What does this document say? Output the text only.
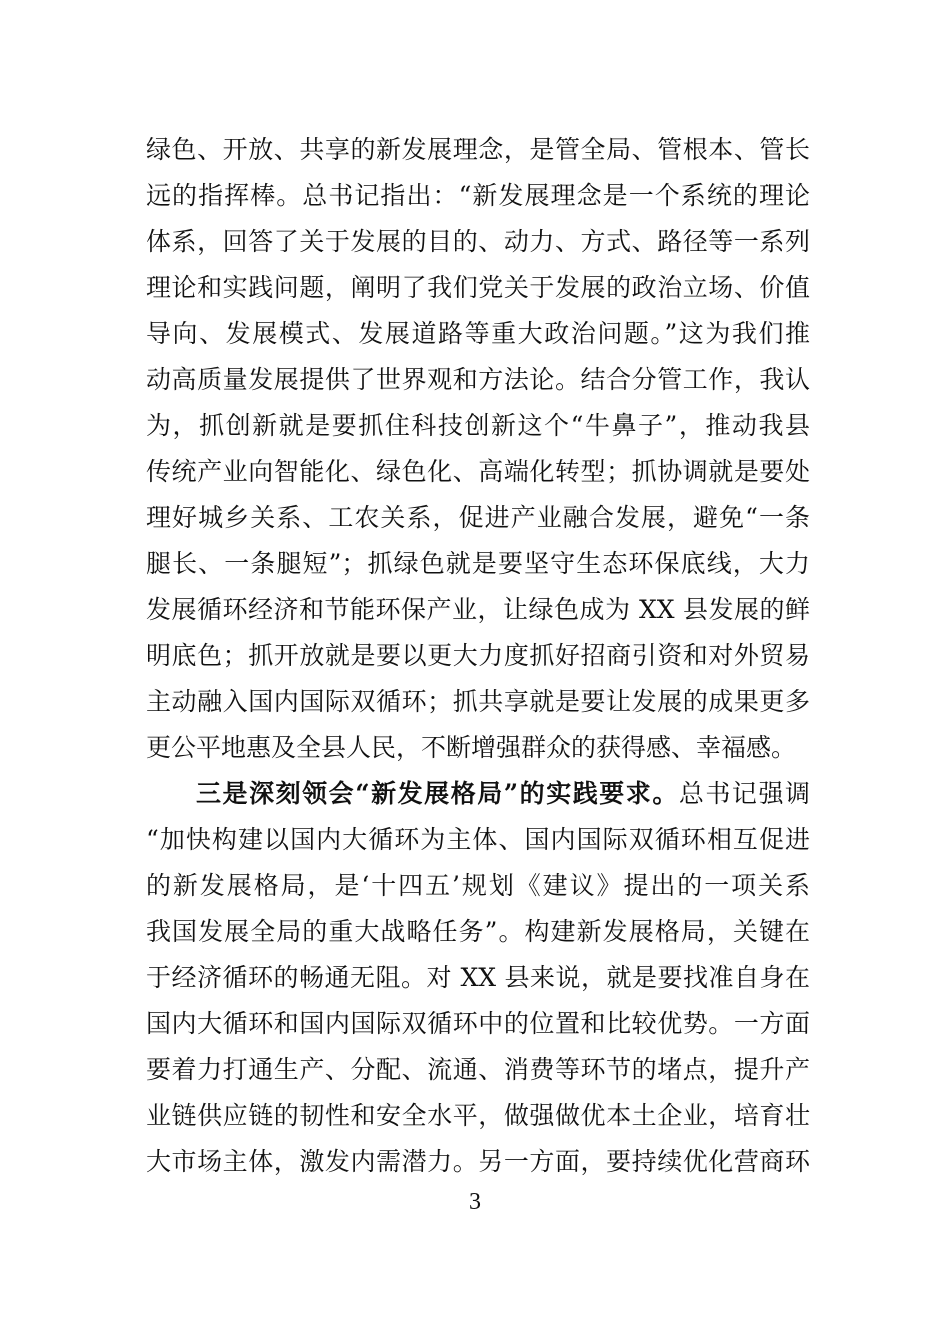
绿色、开放、共享的新发展理念，是管全局、管根本、管长
远的指挥棒。总书记指出：“新发展理念是一个系统的理论
体系，回答了关于发展的目的、动力、方式、路径等一系列
理论和实践问题，阐明了我们党关于发展的政治立场、价值
导向、发展模式、发展道路等重大政治问题。”这为我们推
动高质量发展提供了世界观和方法论。结合分管工作，我认
为，抓创新就是要抓住科技创新这个“牛鼻子”，推动我县
传统产业向智能化、绿色化、高端化转型；抓协调就是要处
理好城乡关系、工农关系，促进产业融合发展，避免“一条
腿长、一条腿短”；抓绿色就是要坚守生态环保底线，大力
发展循环经济和节能环保产业，让绿色成为 XX 县发展的鲜
明底色；抓开放就是要以更大力度抓好招商引资和对外贸易
主动融入国内国际双循环；抓共享就是要让发展的成果更多
更公平地惠及全县人民，不断增强群众的获得感、幸福感。
三是深刻领会“新发展格局”的实践要求。总书记强调
“加快构建以国内大循环为主体、国内国际双循环相互促进
的新发展格局，是‘十四五’规划《建议》提出的一项关系
我国发展全局的重大战略任务”。构建新发展格局，关键在
于经济循环的畅通无阻。对 XX 县来说，就是要找准自身在
国内大循环和国内国际双循环中的位置和比较优势。一方面
要着力打通生产、分配、流通、消费等环节的堵点，提升产
业链供应链的韧性和安全水平，做强做优本土企业，培育壮
大市场主体，激发内需潜力。另一方面，要持续优化营商环
3
